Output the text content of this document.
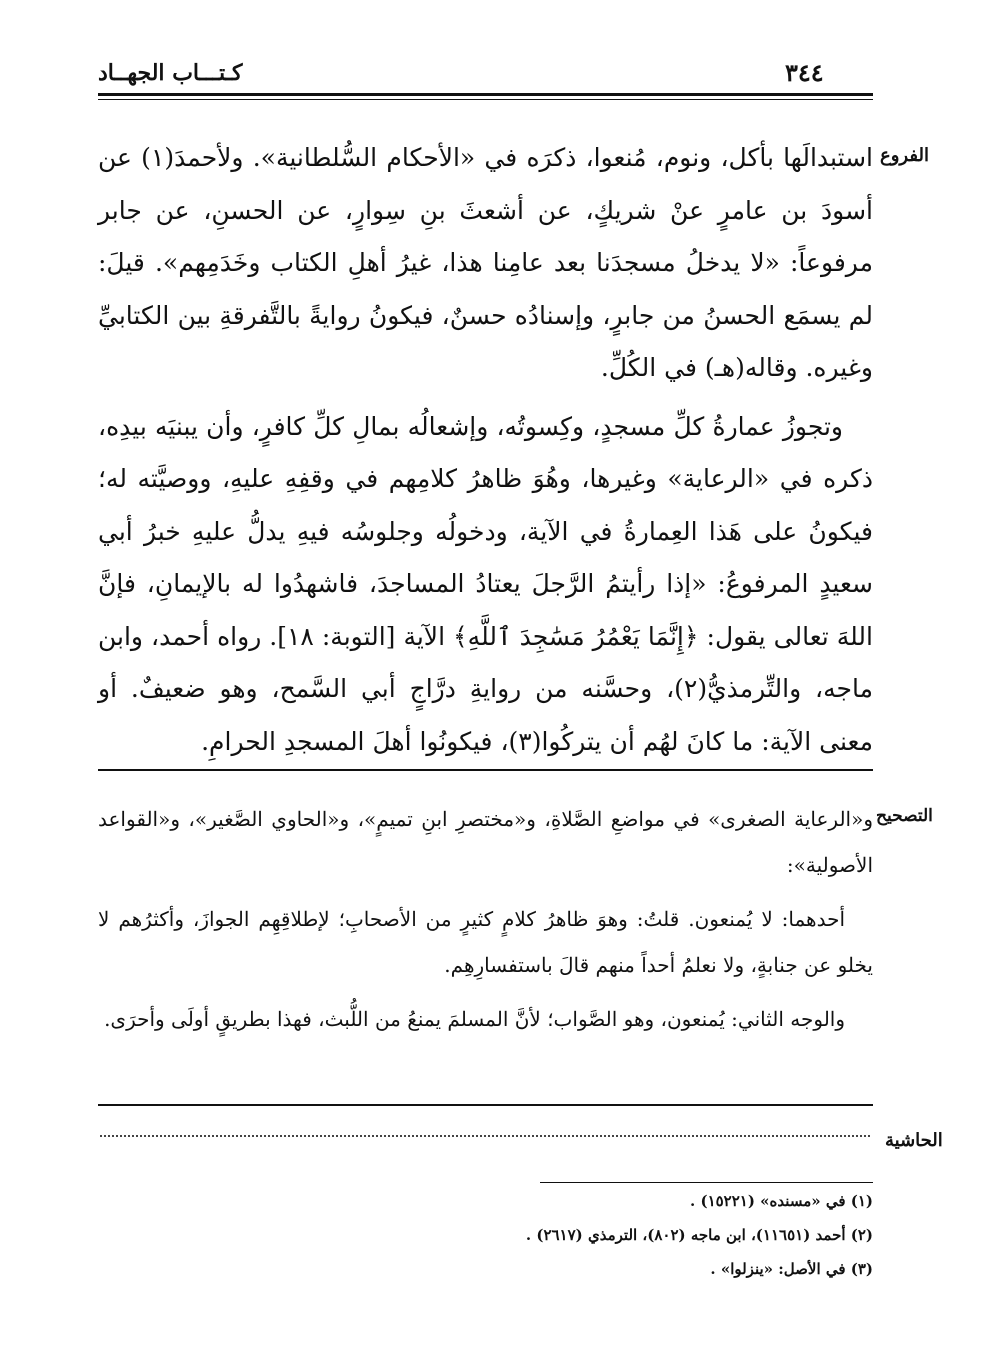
٣٤٤
كـتـــاب الجهــاد
الفروع

استبدالَها بأكل، ونوم، مُنعوا، ذكرَه في «الأحكام السُّلطانية». ولأحمدَ(١) عن أسودَ بن عامرٍ عنْ شريكٍ، عن أشعثَ بنِ سِوارٍ، عن الحسنِ، عن جابر مرفوعاً: «لا يدخلُ مسجدَنا بعد عامِنا هذا، غيرُ أهلِ الكتاب وخَدَمِهم». قيلَ: لم يسمَع الحسنُ من جابرٍ، وإسنادُه حسنٌ، فيكونُ روايةً بالتَّفرقةِ بين الكتابيِّ وغيره. وقاله(هـ) في الكُلِّ.

وتجوزُ عمارةُ كلِّ مسجدٍ، وكِسوتُه، وإشعالُه بمالِ كلِّ كافرٍ، وأن يبنيَه بيدِه، ذكره في «الرعاية» وغيرها، وهُوَ ظاهرُ كلامِهم في وقفِهِ عليهِ، ووصيَّته له؛ فيكونُ على هَذا العِمارةُ في الآية، ودخولُه وجلوسُه فيهِ يدلُّ عليهِ خبرُ أبي سعيدٍ المرفوعُ: «إذا رأيتمُ الرَّجلَ يعتادُ المساجدَ، فاشهدُوا له بالإيمانِ، فإنَّ اللهَ تعالى يقول: ﴿إِنَّمَا يَعْمُرُ مَسَٰجِدَ ٱللَّهِ﴾ الآية [التوبة: ١٨]. رواه أحمد، وابن ماجه، والتِّرمذيُّ(٢)، وحسَّنه من روايةِ درَّاجٍ أبي السَّمح، وهو ضعيفٌ. أو معنى الآية: ما كانَ لهُم أن يتركُوا(٣)، فيكونُوا أهلَ المسجدِ الحرامِ.

التصحيح

و«الرعاية الصغرى» في مواضعِ الصَّلاةِ، و«مختصرِ ابنِ تميمٍ»، و«الحاوي الصَّغير»، و«القواعد الأصولية»:

أحدهما: لا يُمنعون. قلتُ: وهوَ ظاهرُ كلامٍ كثيرٍ من الأصحابِ؛ لإطلاقِهِم الجوازَ، وأكثرُهم لا يخلو عن جنابةٍ، ولا نعلمُ أحداً منهم قالَ باستفسارِهِم.

والوجه الثاني: يُمنعون، وهو الصَّواب؛ لأنَّ المسلمَ يمنعُ من اللُّبث، فهذا بطريقٍ أولَى وأحرَى.

الحاشية
(١) في «مسنده» (١٥٢٢١) .
(٢) أحمد (١١٦٥١)، ابن ماجه (٨٠٢)، الترمذي (٢٦١٧) .
(٣) في الأصل: «ينزلوا» .
